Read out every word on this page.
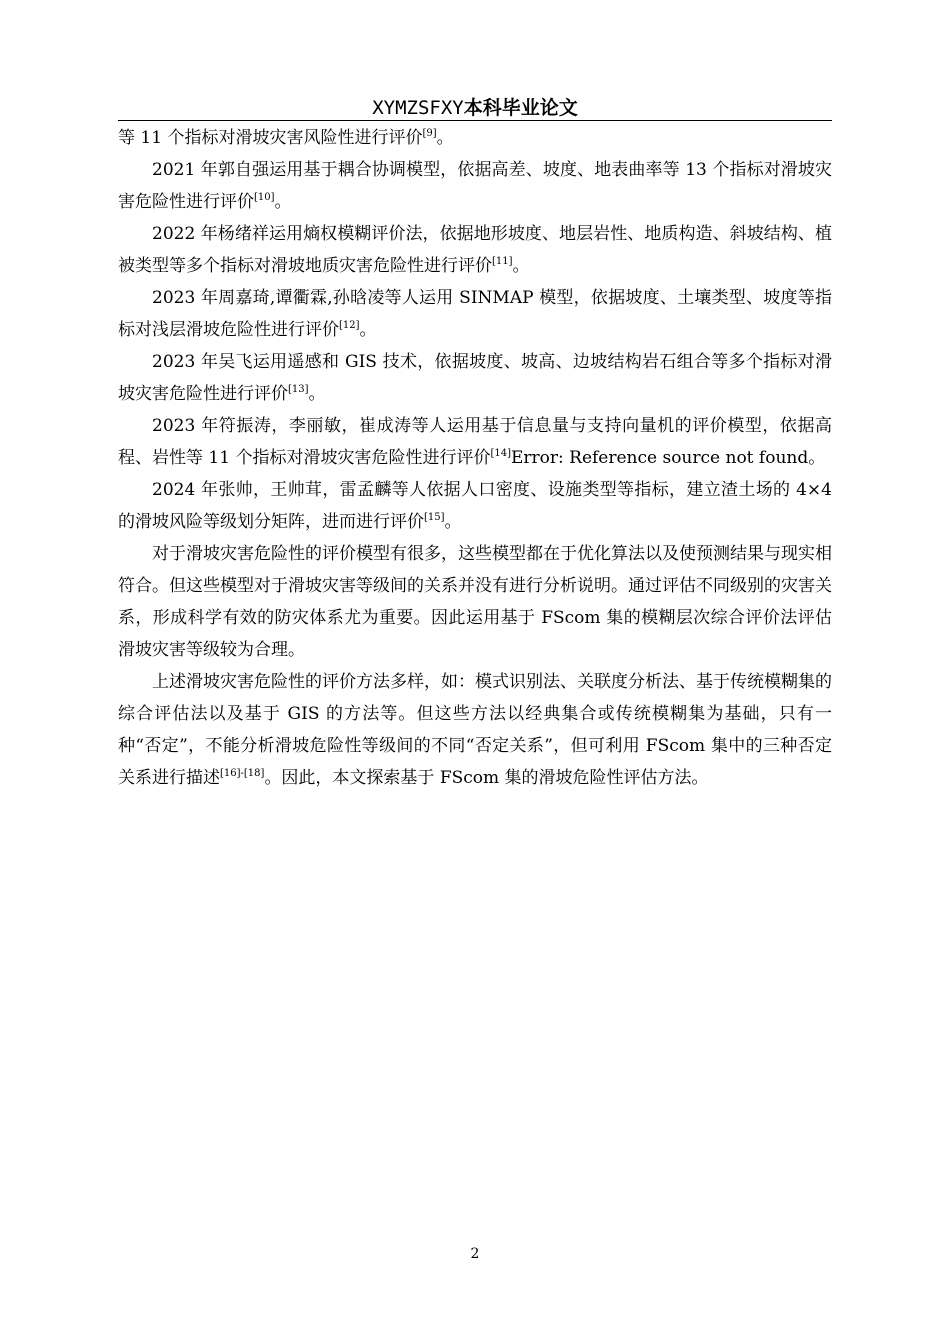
XYMZSFXY本科毕业论文

等 11 个指标对滑坡灾害风险性进行评价[9]。

2021 年郭自强运用基于耦合协调模型，依据高差、坡度、地表曲率等 13 个指标对滑坡灾害危险性进行评价[10]。

2022 年杨绪祥运用熵权模糊评价法，依据地形坡度、地层岩性、地质构造、斜坡结构、植被类型等多个指标对滑坡地质灾害危险性进行评价[11]。

2023 年周嘉琦,谭衢霖,孙晗凌等人运用 SINMAP 模型，依据坡度、土壤类型、坡度等指标对浅层滑坡危险性进行评价[12]。

2023 年吴飞运用遥感和 GIS 技术，依据坡度、坡高、边坡结构岩石组合等多个指标对滑坡灾害危险性进行评价[13]。

2023 年符振涛，李丽敏，崔成涛等人运用基于信息量与支持向量机的评价模型，依据高程、岩性等 11 个指标对滑坡灾害危险性进行评价[14]Error: Reference source not found。

2024 年张帅，王帅茸，雷孟麟等人依据人口密度、设施类型等指标，建立渣土场的 4×4 的滑坡风险等级划分矩阵，进而进行评价[15]。

对于滑坡灾害危险性的评价模型有很多，这些模型都在于优化算法以及使预测结果与现实相符合。但这些模型对于滑坡灾害等级间的关系并没有进行分析说明。通过评估不同级别的灾害关系，形成科学有效的防灾体系尤为重要。因此运用基于 FScom 集的模糊层次综合评价法评估滑坡灾害等级较为合理。

上述滑坡灾害危险性的评价方法多样，如：模式识别法、关联度分析法、基于传统模糊集的综合评估法以及基于 GIS 的方法等。但这些方法以经典集合或传统模糊集为基础，只有一种“否定”，不能分析滑坡危险性等级间的不同“否定关系”，但可利用 FScom 集中的三种否定关系进行描述[16]-[18]。因此，本文探索基于 FScom 集的滑坡危险性评估方法。

2
